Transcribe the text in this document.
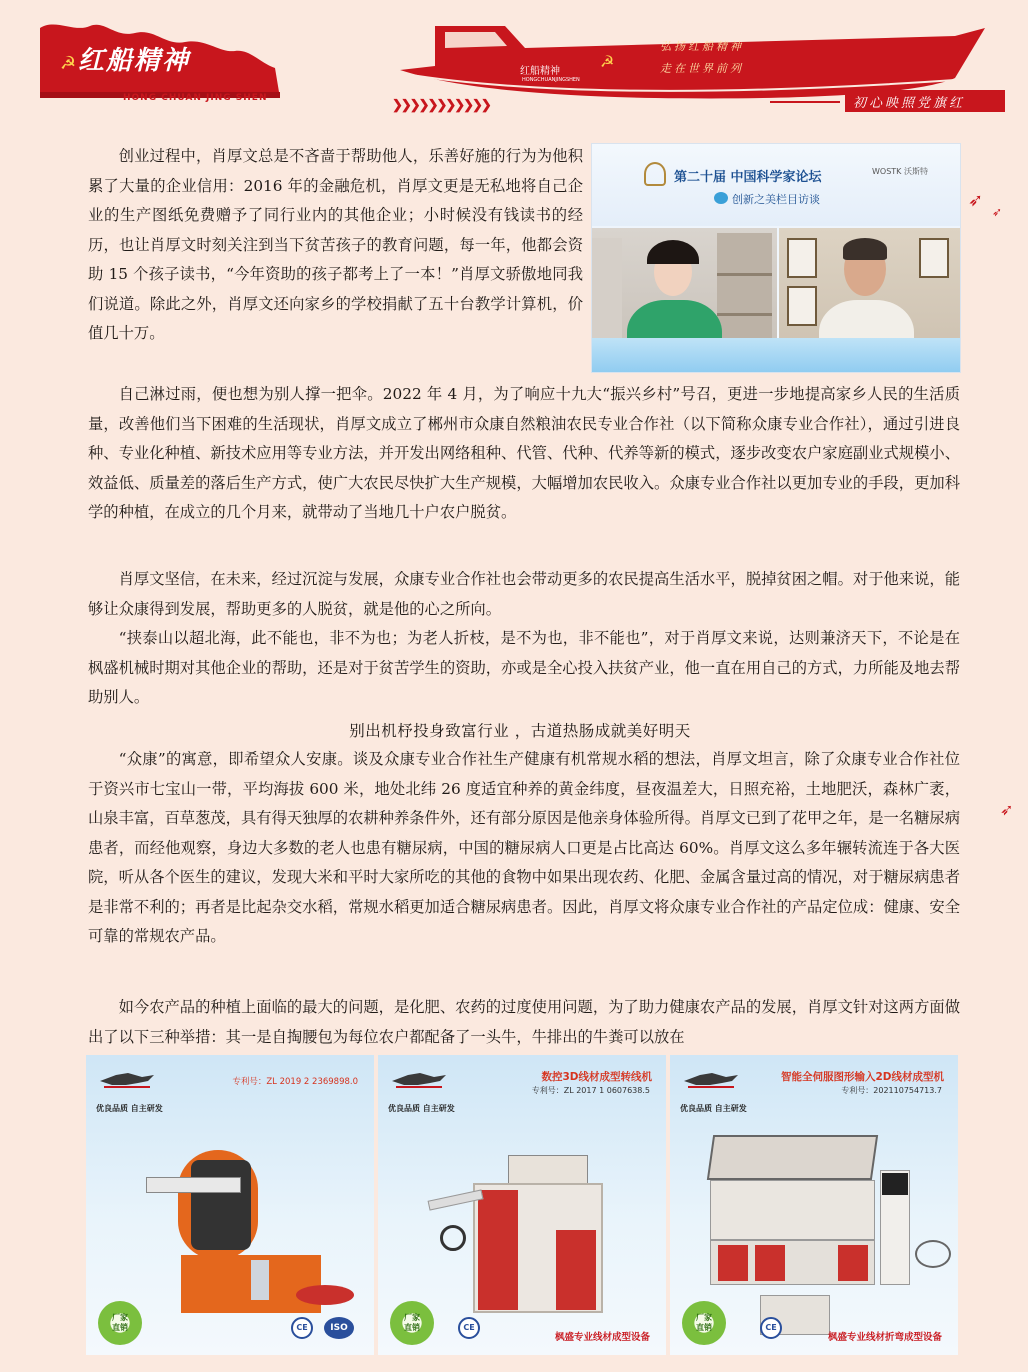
☭ 红船精神
HONG CHUAN JING SHEN
红船精神
HONGCHUANJINGSHEN
☭
弘扬红船精神
走在世界前列
❯❯❯❯❯❯❯❯❯❯❯	初心映照党旗红
➶
➶
➶
第二十届 中国科学家论坛	WOSTK 沃斯特
创新之美栏目访谈

创业过程中，肖厚文总是不吝啬于帮助他人，乐善好施的行为为他积累了大量的企业信用：2016 年的金融危机，肖厚文更是无私地将自己企业的生产图纸免费赠予了同行业内的其他企业；小时候没有钱读书的经历，也让肖厚文时刻关注到当下贫苦孩子的教育问题，每一年，他都会资助 15 个孩子读书，“今年资助的孩子都考上了一本！”肖厚文骄傲地同我们说道。除此之外，肖厚文还向家乡的学校捐献了五十台教学计算机，价值几十万。

自己淋过雨，便也想为别人撑一把伞。2022 年 4 月，为了响应十九大“振兴乡村”号召，更进一步地提高家乡人民的生活质量，改善他们当下困难的生活现状，肖厚文成立了郴州市众康自然粮油农民专业合作社（以下简称众康专业合作社），通过引进良种、专业化种植、新技术应用等专业方法，并开发出网络租种、代管、代种、代养等新的模式，逐步改变农户家庭副业式规模小、效益低、质量差的落后生产方式，使广大农民尽快扩大生产规模，大幅增加农民收入。众康专业合作社以更加专业的手段，更加科学的种植，在成立的几个月来，就带动了当地几十户农户脱贫。

肖厚文坚信，在未来，经过沉淀与发展，众康专业合作社也会带动更多的农民提高生活水平，脱掉贫困之帽。对于他来说，能够让众康得到发展，帮助更多的人脱贫，就是他的心之所向。

“挟泰山以超北海，此不能也，非不为也；为老人折枝，是不为也，非不能也”，对于肖厚文来说，达则兼济天下，不论是在枫盛机械时期对其他企业的帮助，还是对于贫苦学生的资助，亦或是全心投入扶贫产业，他一直在用自己的方式，力所能及地去帮助别人。

别出机杼投身致富行业 ，古道热肠成就美好明天

“众康”的寓意，即希望众人安康。谈及众康专业合作社生产健康有机常规水稻的想法，肖厚文坦言，除了众康专业合作社位于资兴市七宝山一带，平均海拔 600 米，地处北纬 26 度适宜种养的黄金纬度，昼夜温差大，日照充裕，土地肥沃，森林广袤，山泉丰富，百草葱茂，具有得天独厚的农耕种养条件外，还有部分原因是他亲身体验所得。肖厚文已到了花甲之年，是一名糖尿病患者，而经他观察，身边大多数的老人也患有糖尿病，中国的糖尿病人口更是占比高达 60%。肖厚文这么多年辗转流连于各大医院，听从各个医生的建议，发现大米和平时大家所吃的其他的食物中如果出现农药、化肥、金属含量过高的情况，对于糖尿病患者是非常不利的；再者是比起杂交水稻，常规水稻更加适合糖尿病患者。因此，肖厚文将众康专业合作社的产品定位成：健康、安全可靠的常规农产品。

如今农产品的种植上面临的最大的问题，是化肥、农药的过度使用问题，为了助力健康农产品的发展，肖厚文针对这两方面做出了以下三种举措：其一是自掏腰包为每位农户都配备了一头牛，牛排出的牛粪可以放在

专利号：ZL 2019 2 2369898.0
优良品质 自主研发
厂家
直销	CE	ISO
数控3D线材成型转线机
专利号：ZL 2017 1 0607638.5
优良品质 自主研发
厂家
直销	CE
枫盛专业线材成型设备
智能全伺服图形输入2D线材成型机
专利号：202110754713.7
优良品质 自主研发
厂家
直销	CE
枫盛专业线材折弯成型设备
